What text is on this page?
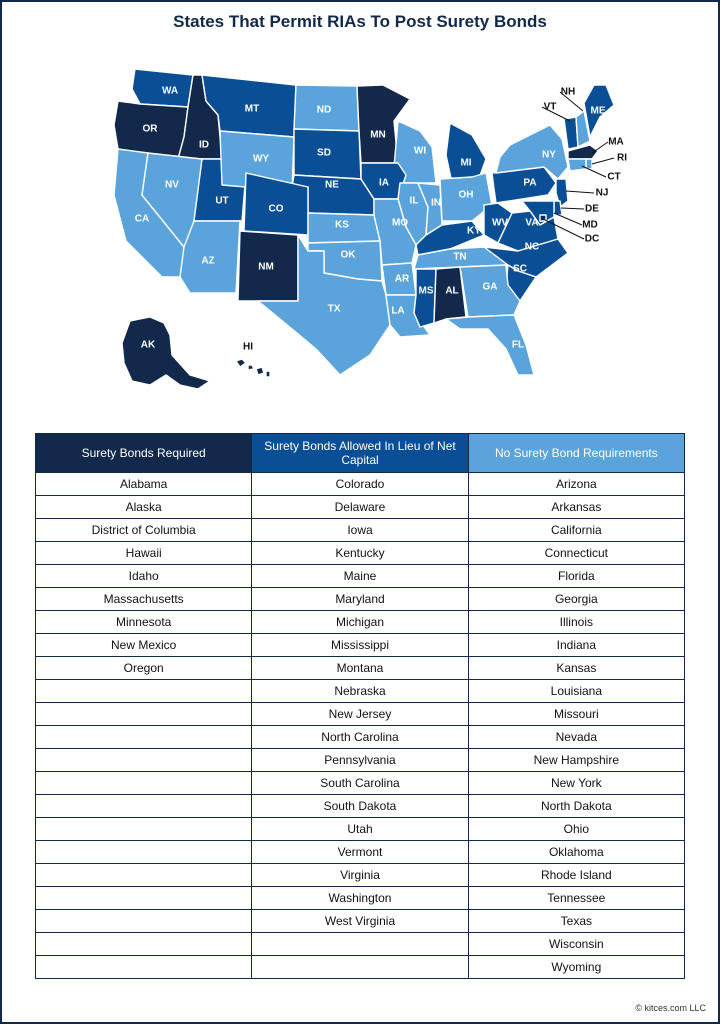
States That Permit RIAs To Post Surety Bonds
WA
OR
ID
MT	ND
MN
WI
MI
CA
NV
UT
WY
SD
NE	IA
IL IN
OH
PA
NY
VT
NH
ME
MA
RI
CT
NJ
DE
MD
DC
CO
KS	MO
KY
WV VA
AZ
NM
OK
AR
TN
NC
SC
TX	LA
MS AL GA
FL
AK	HI
Surety Bonds Required	Surety Bonds Allowed In Lieu of Net Capital	No Surety Bond Requirements
Alabama	Colorado	Arizona
Alaska	Delaware	Arkansas
District of Columbia	Iowa	California
Hawaii	Kentucky	Connecticut
Idaho	Maine	Florida
Massachusetts	Maryland	Georgia
Minnesota	Michigan	Illinois
New Mexico	Mississippi	Indiana
Oregon	Montana	Kansas
	Nebraska	Louisiana
	New Jersey	Missouri
	North Carolina	Nevada
	Pennsylvania	New Hampshire
	South Carolina	New York
	South Dakota	North Dakota
	Utah	Ohio
	Vermont	Oklahoma
	Virginia	Rhode Island
	Washington	Tennessee
	West Virginia	Texas
		Wisconsin
		Wyoming
© kitces.com LLC
